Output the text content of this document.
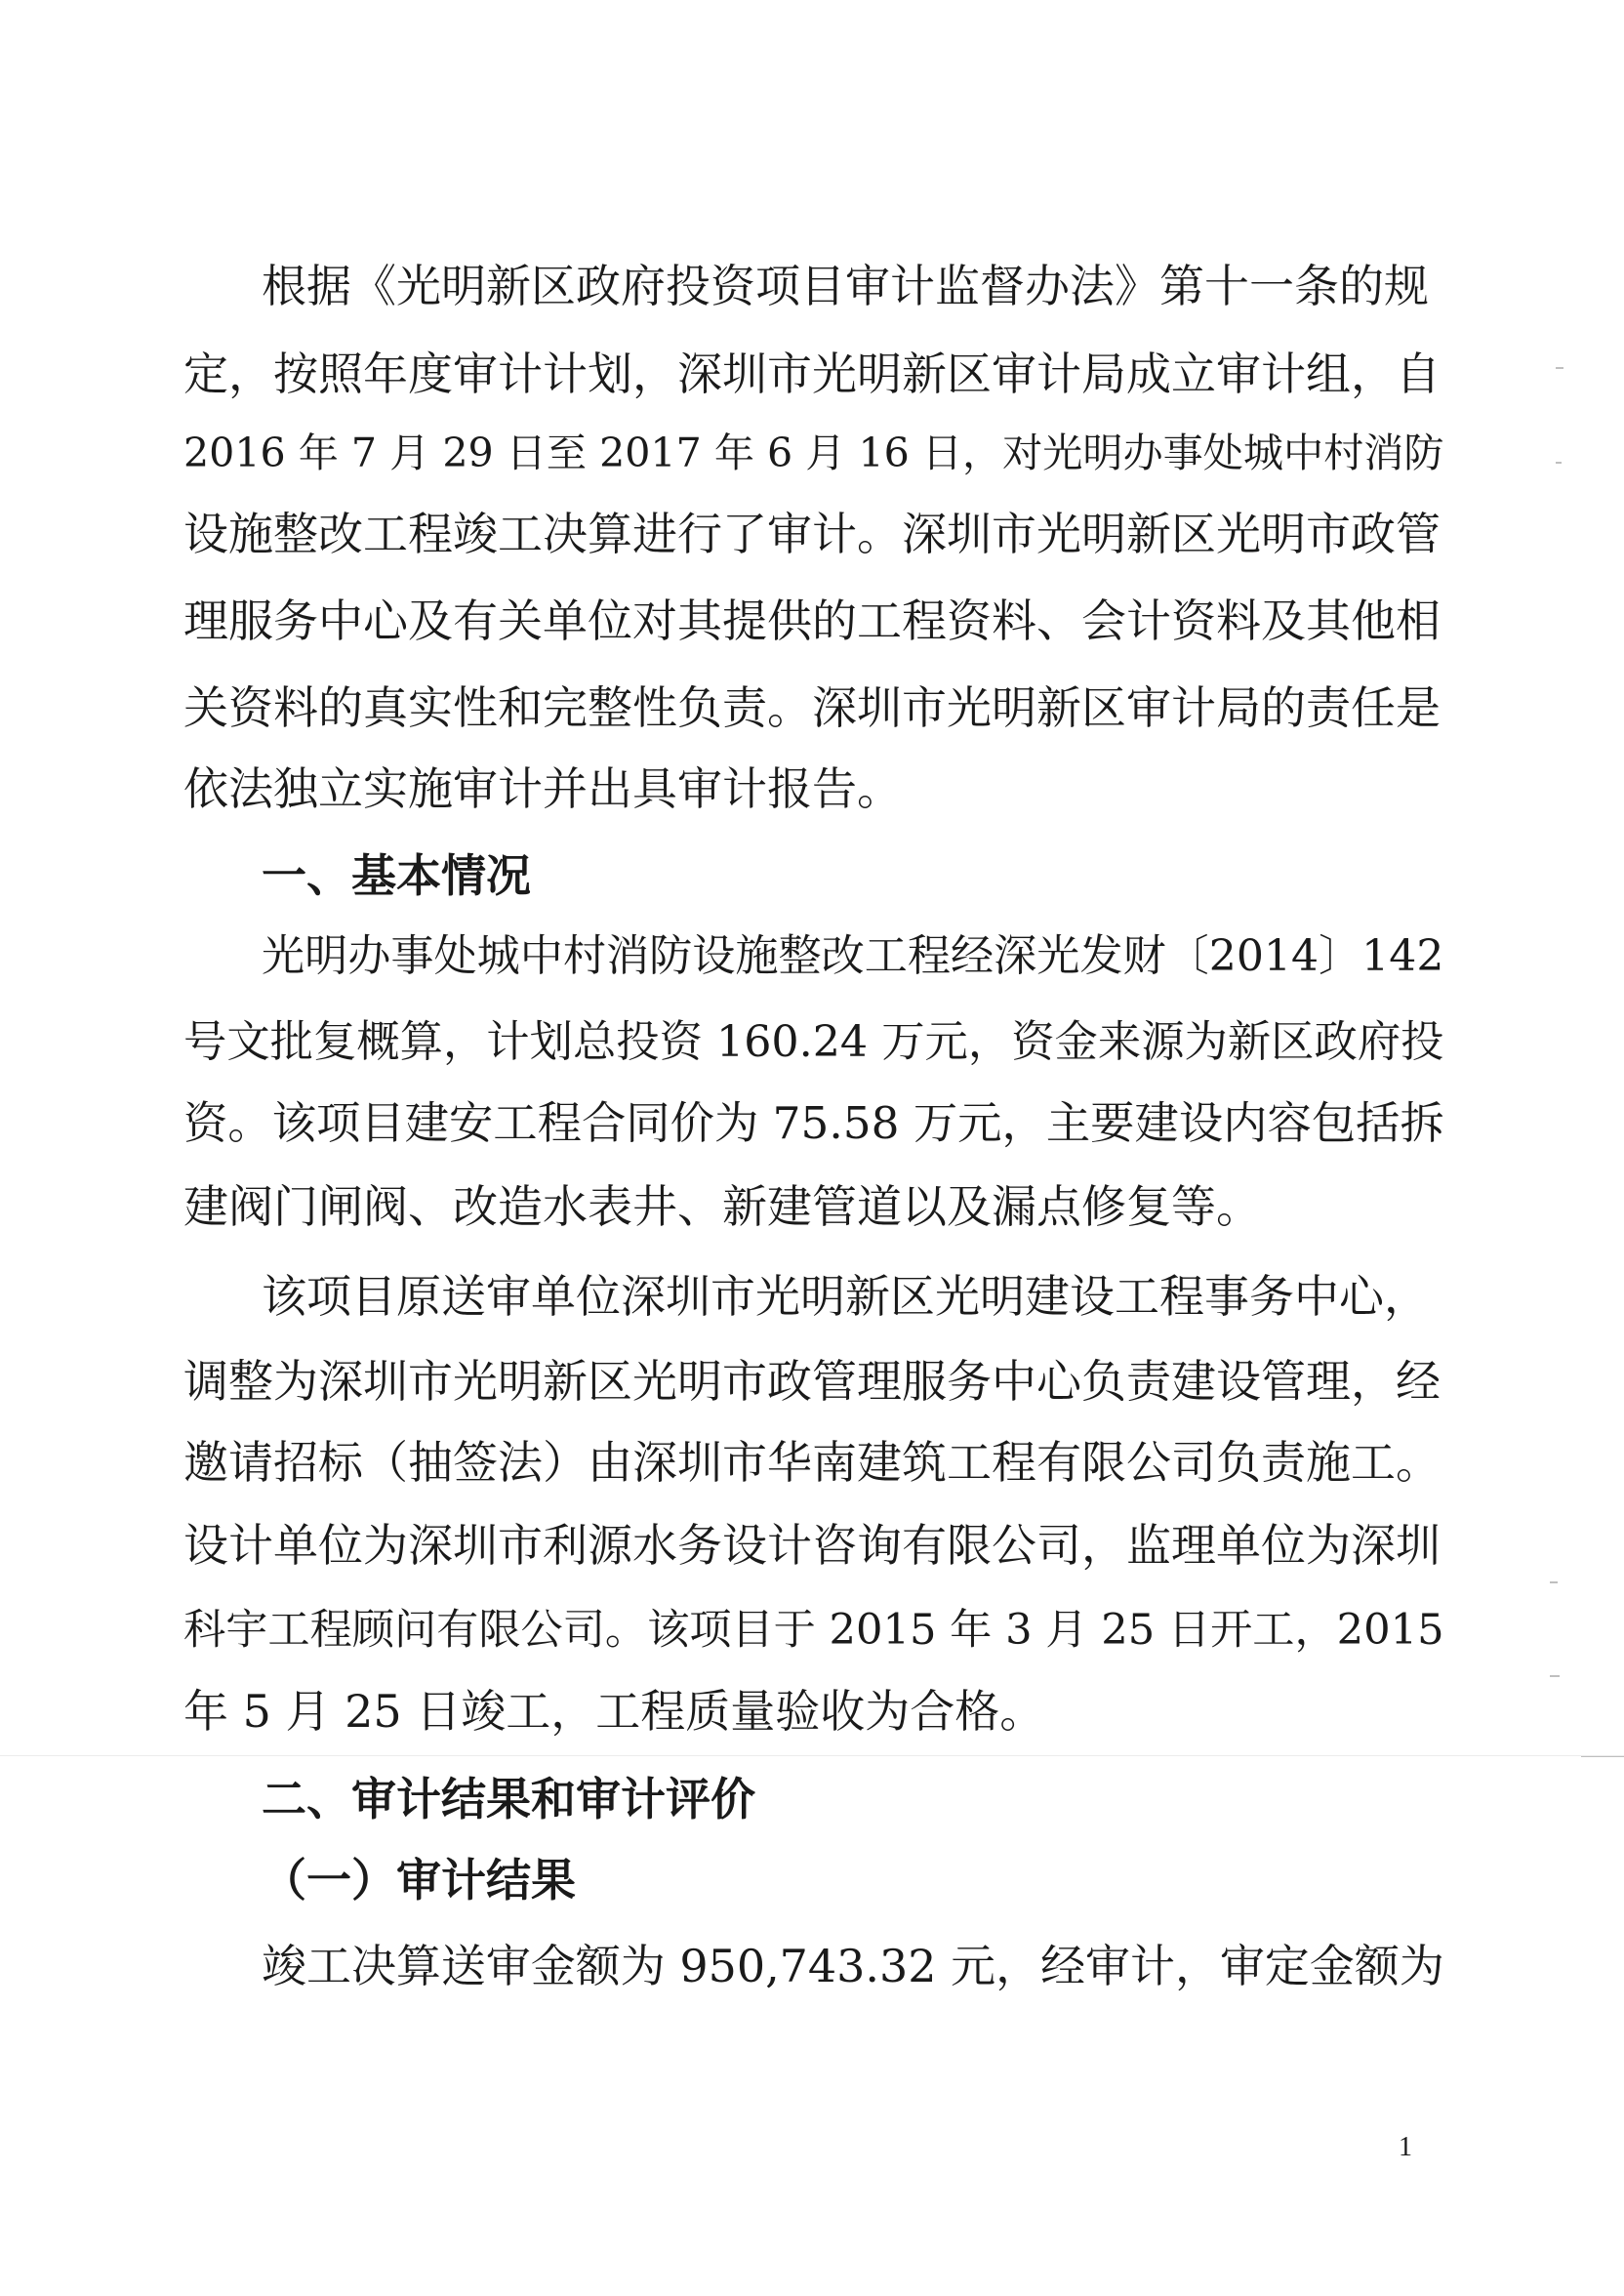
根据《光明新区政府投资项目审计监督办法》第十一条的规

定，按照年度审计计划，深圳市光明新区审计局成立审计组，自

2016 年 7 月 29 日至 2017 年 6 月 16 日，对光明办事处城中村消防

设施整改工程竣工决算进行了审计。深圳市光明新区光明市政管

理服务中心及有关单位对其提供的工程资料、会计资料及其他相

关资料的真实性和完整性负责。深圳市光明新区审计局的责任是

依法独立实施审计并出具审计报告。

一、基本情况

光明办事处城中村消防设施整改工程经深光发财〔2014〕142

号文批复概算，计划总投资 160.24 万元，资金来源为新区政府投

资。该项目建安工程合同价为 75.58 万元，主要建设内容包括拆

建阀门闸阀、改造水表井、新建管道以及漏点修复等。

该项目原送审单位深圳市光明新区光明建设工程事务中心，

调整为深圳市光明新区光明市政管理服务中心负责建设管理，经

邀请招标（抽签法）由深圳市华南建筑工程有限公司负责施工。

设计单位为深圳市利源水务设计咨询有限公司，监理单位为深圳

科宇工程顾问有限公司。该项目于 2015 年 3 月 25 日开工，2015

年 5 月 25 日竣工，工程质量验收为合格。

二、审计结果和审计评价

（一）审计结果

竣工决算送审金额为 950,743.32 元，经审计，审定金额为

1
